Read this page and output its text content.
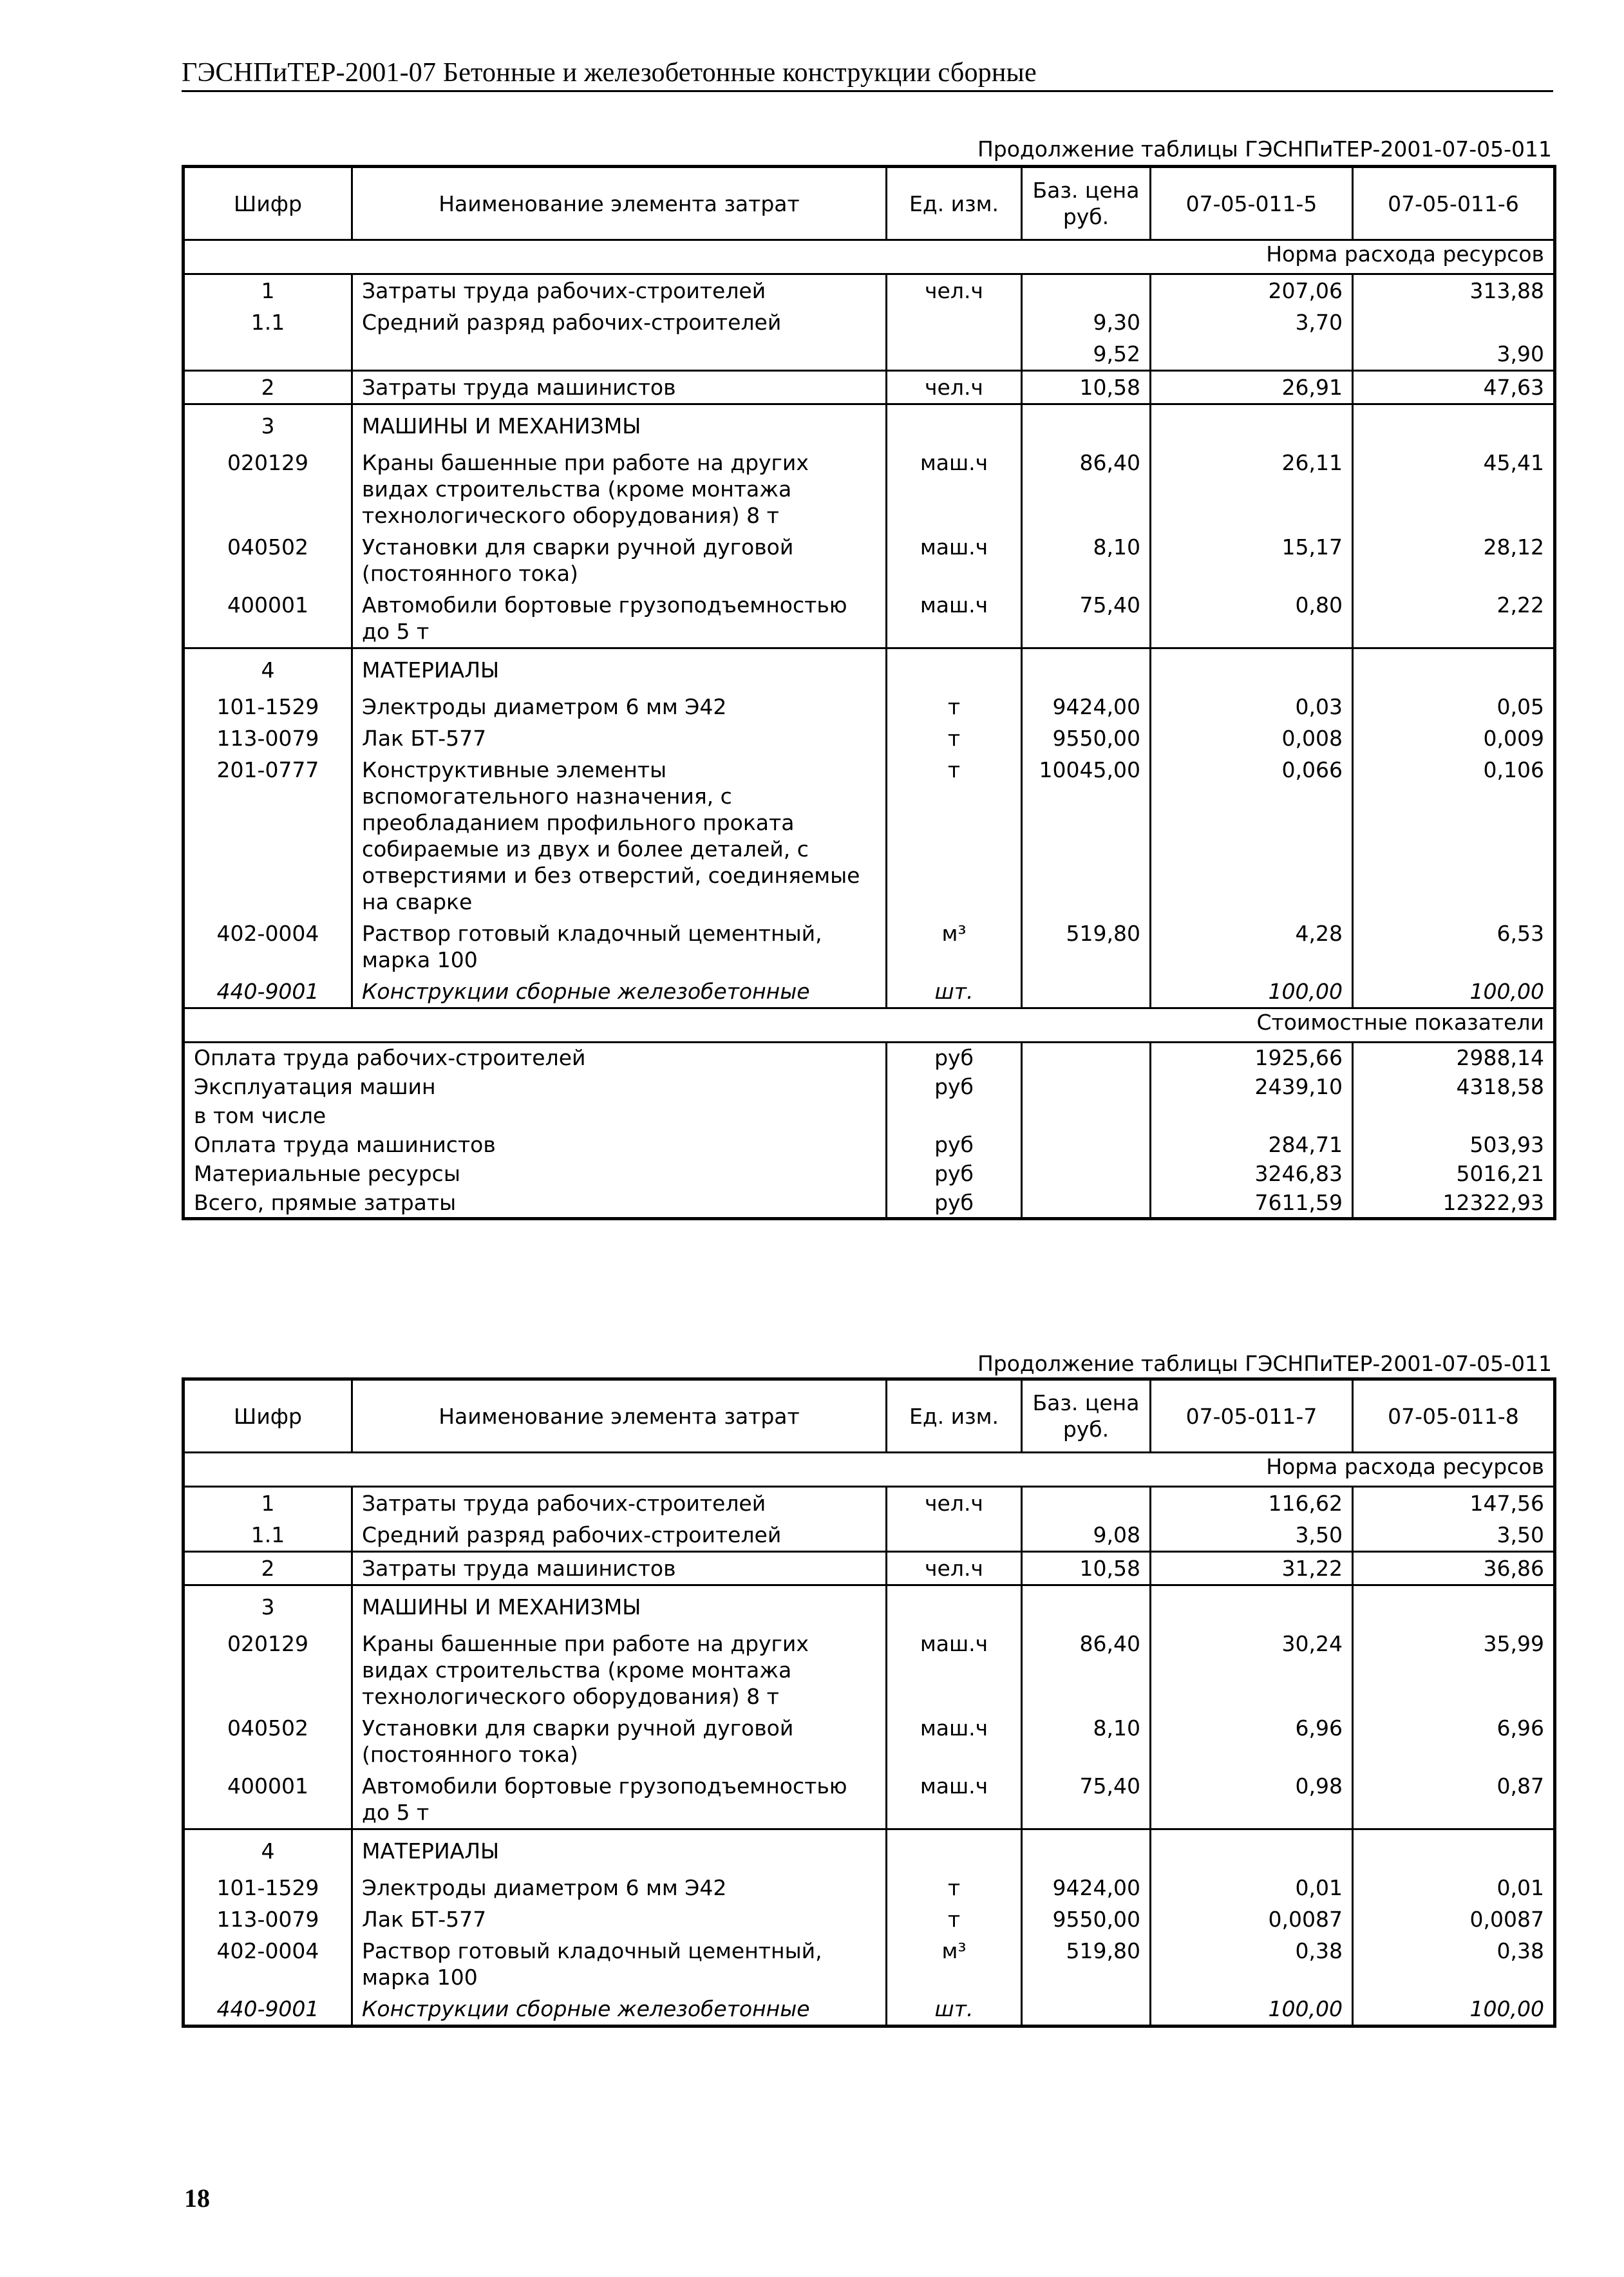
ГЭСНПиТЕР-2001-07 Бетонные и железобетонные конструкции сборные
Продолжение таблицы ГЭСНПиТЕР-2001-07-05-011
Шифр	Наименование элемента затрат	Ед. изм.	Баз. цена руб.	07-05-011-5	07-05-011-6
Норма расхода ресурсов					
1	Затраты труда рабочих-строителей	чел.ч		207,06	313,88
1.1	Средний разряд рабочих-строителей		9,30	3,70	
			9,52		3,90
2	Затраты труда машинистов	чел.ч	10,58	26,91	47,63
3	МАШИНЫ И МЕХАНИЗМЫ				
020129	Краны башенные при работе на других видах строительства (кроме монтажа технологического оборудования) 8 т	маш.ч	86,40	26,11	45,41
040502	Установки для сварки ручной дуговой (постоянного тока)	маш.ч	8,10	15,17	28,12
400001	Автомобили бортовые грузоподъемностью до 5 т	маш.ч	75,40	0,80	2,22
4	МАТЕРИАЛЫ				
101-1529	Электроды диаметром 6 мм Э42	т	9424,00	0,03	0,05
113-0079	Лак БТ-577	т	9550,00	0,008	0,009
201-0777	Конструктивные элементы вспомогательного назначения, с преобладанием профильного проката собираемые из двух и более деталей, с отверстиями и без отверстий, соединяемые на сварке	т	10045,00	0,066	0,106
402-0004	Раствор готовый кладочный цементный, марка 100	м³	519,80	4,28	6,53
440-9001	Конструкции сборные железобетонные	шт.		100,00	100,00
Стоимостные показатели					
Оплата труда рабочих-строителей		руб		1925,66	2988,14
Эксплуатация машин		руб		2439,10	4318,58
в том числе					
Оплата труда машинистов		руб		284,71	503,93
Материальные ресурсы		руб		3246,83	5016,21
Всего, прямые затраты		руб		7611,59	12322,93
Продолжение таблицы ГЭСНПиТЕР-2001-07-05-011
Шифр	Наименование элемента затрат	Ед. изм.	Баз. цена руб.	07-05-011-7	07-05-011-8
Норма расхода ресурсов					
1	Затраты труда рабочих-строителей	чел.ч		116,62	147,56
1.1	Средний разряд рабочих-строителей		9,08	3,50	3,50
2	Затраты труда машинистов	чел.ч	10,58	31,22	36,86
3	МАШИНЫ И МЕХАНИЗМЫ				
020129	Краны башенные при работе на других видах строительства (кроме монтажа технологического оборудования) 8 т	маш.ч	86,40	30,24	35,99
040502	Установки для сварки ручной дуговой (постоянного тока)	маш.ч	8,10	6,96	6,96
400001	Автомобили бортовые грузоподъемностью до 5 т	маш.ч	75,40	0,98	0,87
4	МАТЕРИАЛЫ				
101-1529	Электроды диаметром 6 мм Э42	т	9424,00	0,01	0,01
113-0079	Лак БТ-577	т	9550,00	0,0087	0,0087
402-0004	Раствор готовый кладочный цементный, марка 100	м³	519,80	0,38	0,38
440-9001	Конструкции сборные железобетонные	шт.		100,00	100,00
18
